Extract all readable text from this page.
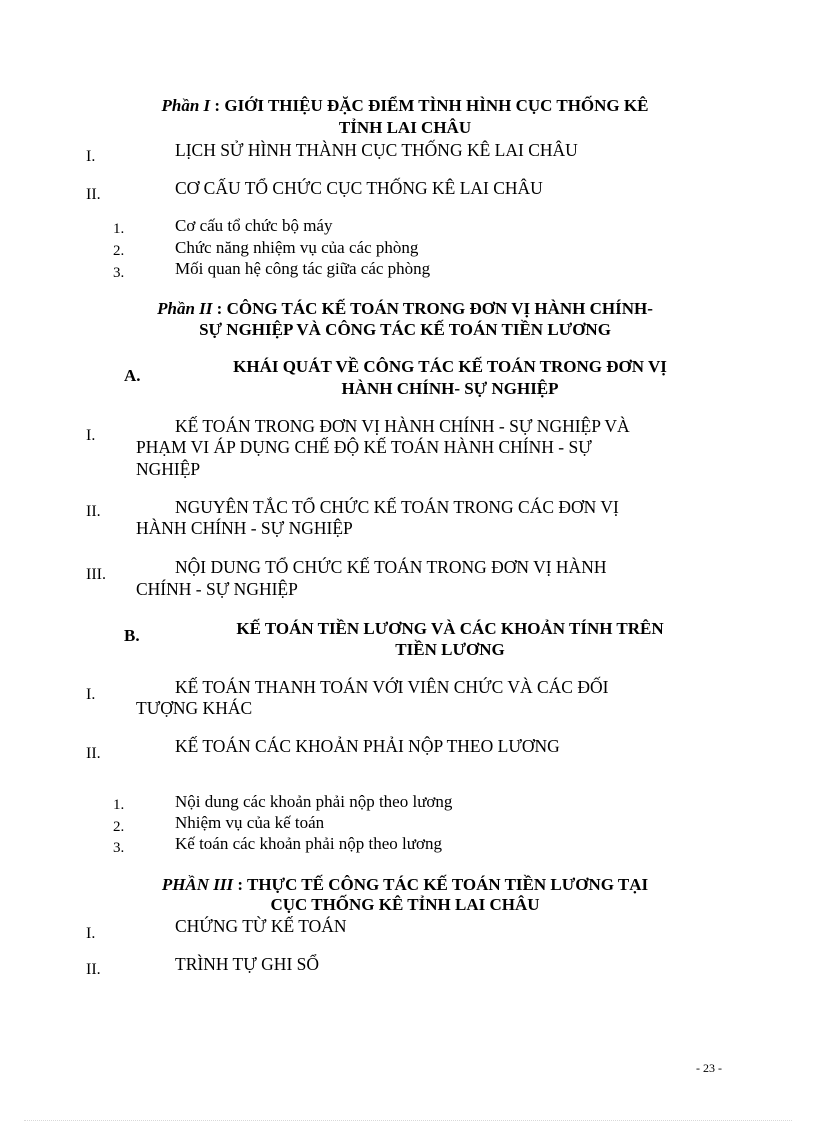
Phần I : GIỚI THIỆU ĐẶC ĐIỂM TÌNH HÌNH CỤC THỐNG KÊ
TỈNH LAI CHÂU
I.	LỊCH SỬ HÌNH THÀNH CỤC THỐNG KÊ LAI CHÂU
II.	CƠ CẤU TỔ CHỨC CỤC THỐNG KÊ LAI CHÂU
1.	Cơ cấu tổ chức bộ máy
2.	Chức năng nhiệm vụ của các phòng
3.	Mối quan hệ công tác giữa các phòng
Phần II : CÔNG TÁC KẾ TOÁN TRONG ĐƠN VỊ HÀNH CHÍNH-
SỰ NGHIỆP VÀ CÔNG TÁC KẾ TOÁN TIỀN LƯƠNG
A.	KHÁI QUÁT VỀ CÔNG TÁC KẾ TOÁN TRONG ĐƠN VỊ
HÀNH CHÍNH- SỰ NGHIỆP
I.	KẾ TOÁN TRONG ĐƠN VỊ HÀNH CHÍNH - SỰ NGHIỆP VÀ
PHẠM VI ÁP DỤNG CHẾ ĐỘ KẾ TOÁN HÀNH CHÍNH - SỰ
NGHIỆP
II.	NGUYÊN TẮC TỔ CHỨC KẾ TOÁN TRONG CÁC ĐƠN VỊ
HÀNH CHÍNH - SỰ NGHIỆP
III.	NỘI DUNG TỔ CHỨC KẾ TOÁN TRONG ĐƠN VỊ HÀNH
CHÍNH - SỰ NGHIỆP
B.	KẾ TOÁN TIỀN LƯƠNG VÀ CÁC KHOẢN TÍNH TRÊN
TIỀN LƯƠNG
I.	KẾ TOÁN THANH TOÁN VỚI VIÊN CHỨC VÀ CÁC ĐỐI
TƯỢNG KHÁC
II.	KẾ TOÁN CÁC KHOẢN PHẢI NỘP THEO LƯƠNG
1.	Nội dung các khoản phải nộp theo lương
2.	Nhiệm vụ của kế toán
3.	Kế toán các khoản phải nộp theo lương
PHẦN III : THỰC TẾ CÔNG TÁC KẾ TOÁN TIỀN LƯƠNG TẠI
CỤC THỐNG KÊ TỈNH LAI CHÂU
I.	CHỨNG TỪ KẾ TOÁN
II.	TRÌNH TỰ GHI SỔ
- 23 -
